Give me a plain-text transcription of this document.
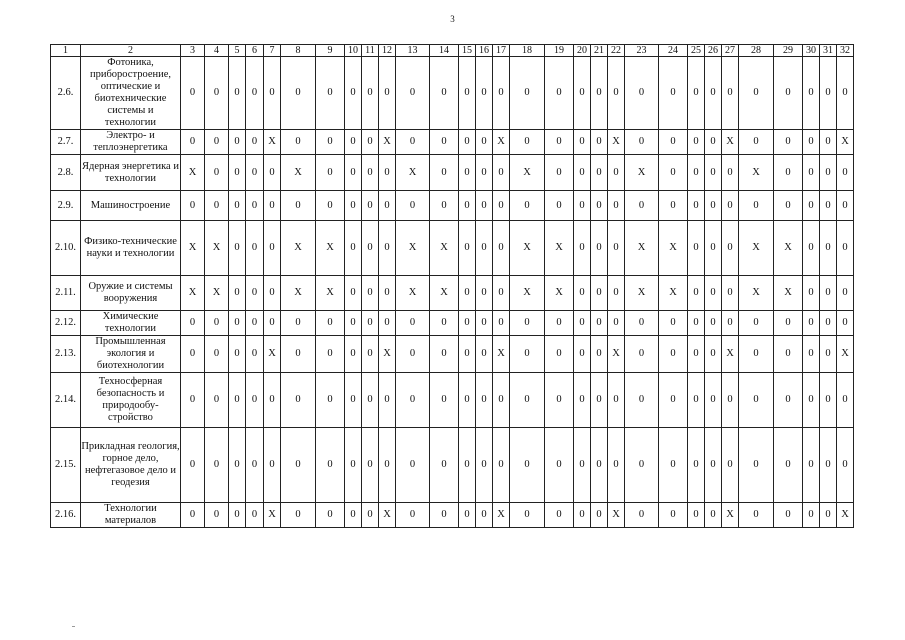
3
1	2	3	4	5	6	7	8	9	10	11	12	13	14	15	16	17	18	19	20	21	22	23	24	25	26	27	28	29	30	31	32
2.6.	Фотоника, приборостроение, оптические и биотехнические системы и технологии	0	0	0	0	0	0	0	0	0	0	0	0	0	0	0	0	0	0	0	0	0	0	0	0	0	0	0	0	0	0
2.7.	Электро- и теплоэнергетика	0	0	0	0	X	0	0	0	0	X	0	0	0	0	X	0	0	0	0	X	0	0	0	0	X	0	0	0	0	X
2.8.	Ядерная энергетика и технологии	X	0	0	0	0	X	0	0	0	0	X	0	0	0	0	X	0	0	0	0	X	0	0	0	0	X	0	0	0	0
2.9.	Машиностроение	0	0	0	0	0	0	0	0	0	0	0	0	0	0	0	0	0	0	0	0	0	0	0	0	0	0	0	0	0	0
2.10.	Физико-технические науки и технологии	X	X	0	0	0	X	X	0	0	0	X	X	0	0	0	X	X	0	0	0	X	X	0	0	0	X	X	0	0	0
2.11.	Оружие и системы вооружения	X	X	0	0	0	X	X	0	0	0	X	X	0	0	0	X	X	0	0	0	X	X	0	0	0	X	X	0	0	0
2.12.	Химические технологии	0	0	0	0	0	0	0	0	0	0	0	0	0	0	0	0	0	0	0	0	0	0	0	0	0	0	0	0	0	0
2.13.	Промышленная экология и биотехнологии	0	0	0	0	X	0	0	0	0	X	0	0	0	0	X	0	0	0	0	X	0	0	0	0	X	0	0	0	0	X
2.14.	Техносферная безопасность и природообу-стройство	0	0	0	0	0	0	0	0	0	0	0	0	0	0	0	0	0	0	0	0	0	0	0	0	0	0	0	0	0	0
2.15.	Прикладная геология, горное дело, нефтегазовое дело и геодезия	0	0	0	0	0	0	0	0	0	0	0	0	0	0	0	0	0	0	0	0	0	0	0	0	0	0	0	0	0	0
2.16.	Технологии материалов	0	0	0	0	X	0	0	0	0	X	0	0	0	0	X	0	0	0	0	X	0	0	0	0	X	0	0	0	0	X
